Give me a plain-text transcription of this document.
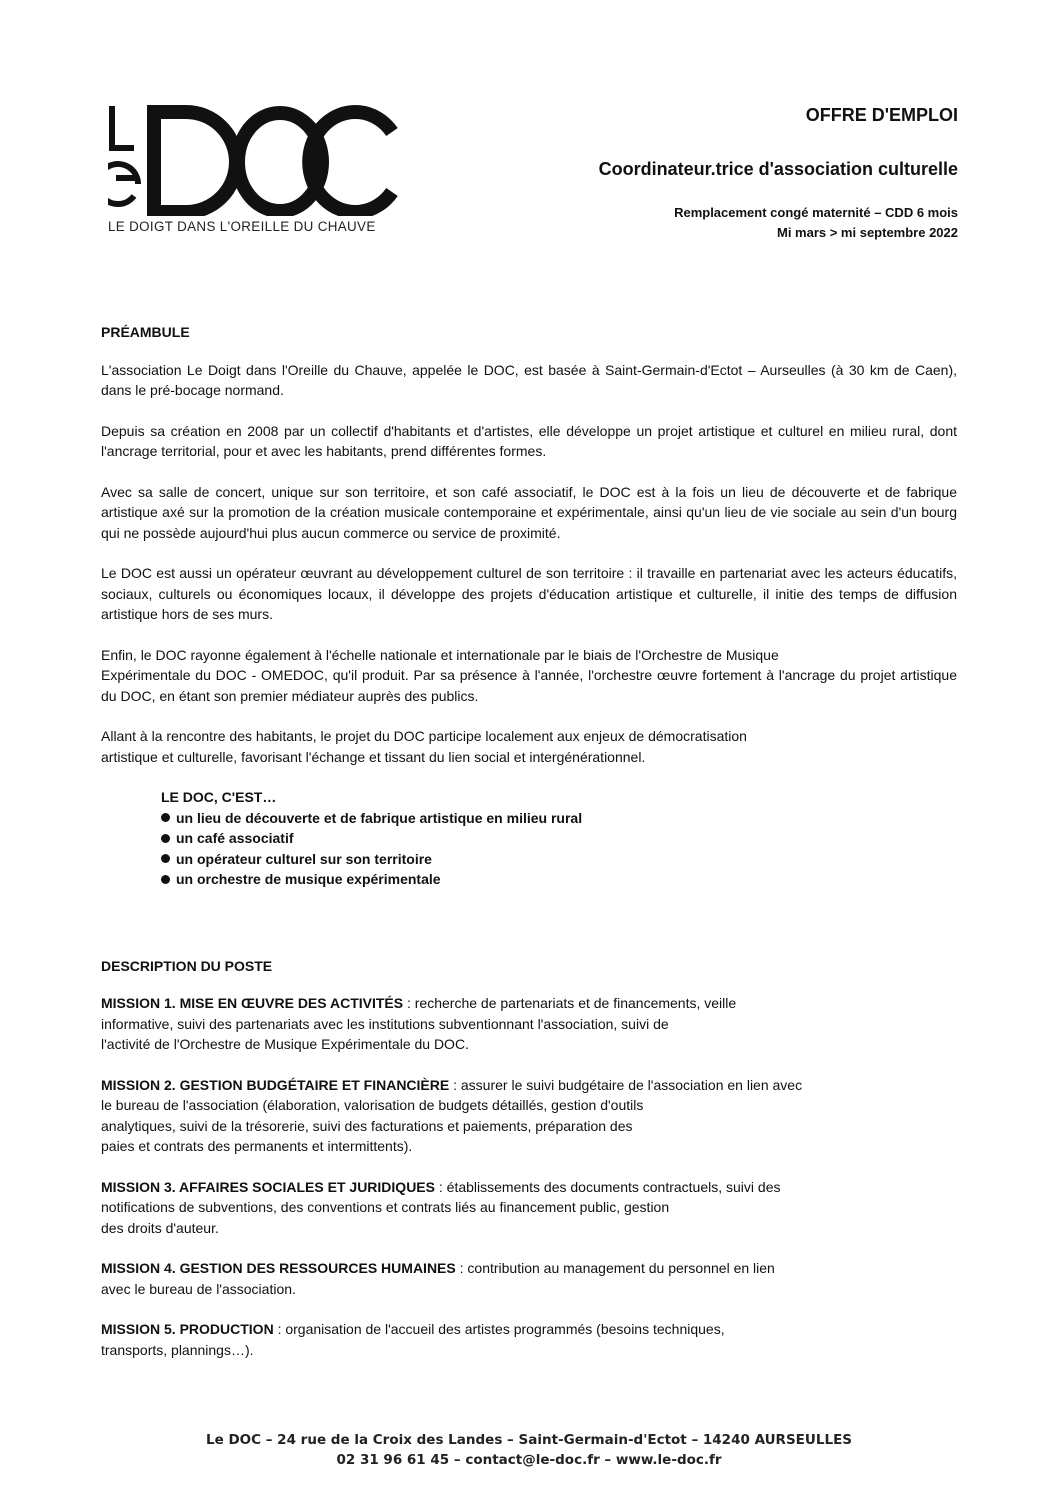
LE DOIGT DANS L'OREILLE DU CHAUVE
OFFRE D'EMPLOI
Coordinateur.trice d'association culturelle
Remplacement congé maternité – CDD 6 mois
Mi mars > mi septembre 2022

PRÉAMBULE

L'association Le Doigt dans l'Oreille du Chauve, appelée le DOC, est basée à Saint-Germain-d'Ectot – Aurseulles (à 30 km de Caen), dans le pré-bocage normand.

Depuis sa création en 2008 par un collectif d'habitants et d'artistes, elle développe un projet artistique et culturel en milieu rural, dont l'ancrage territorial, pour et avec les habitants, prend différentes formes.

Avec sa salle de concert, unique sur son territoire, et son café associatif, le DOC est à la fois un lieu de découverte et de fabrique artistique axé sur la promotion de la création musicale contemporaine et expérimentale, ainsi qu'un lieu de vie sociale au sein d'un bourg qui ne possède aujourd'hui plus aucun commerce ou service de proximité.

Le DOC est aussi un opérateur œuvrant au développement culturel de son territoire : il travaille en partenariat avec les acteurs éducatifs, sociaux, culturels ou économiques locaux, il développe des projets d'éducation artistique et culturelle, il initie des temps de diffusion artistique hors de ses murs.

Enfin, le DOC rayonne également à l'échelle nationale et internationale par le biais de l'Orchestre de Musique
Expérimentale du DOC - OMEDOC, qu'il produit. Par sa présence à l'année, l'orchestre œuvre fortement à l'ancrage du projet artistique du DOC, en étant son premier médiateur auprès des publics.
Allant à la rencontre des habitants, le projet du DOC participe localement aux enjeux de démocratisation
artistique et culturelle, favorisant l'échange et tissant du lien social et intergénérationnel.

LE DOC, C'EST…

un lieu de découverte et de fabrique artistique en milieu rural
un café associatif
un opérateur culturel sur son territoire
un orchestre de musique expérimentale

DESCRIPTION DU POSTE

MISSION 1. MISE EN ŒUVRE DES ACTIVITÉS : recherche de partenariats et de financements, veille
informative, suivi des partenariats avec les institutions subventionnant l'association, suivi de
l'activité de l'Orchestre de Musique Expérimentale du DOC.
MISSION 2. GESTION BUDGÉTAIRE ET FINANCIÈRE : assurer le suivi budgétaire de l'association en lien avec
le bureau de l'association (élaboration, valorisation de budgets détaillés, gestion d'outils
analytiques, suivi de la trésorerie, suivi des facturations et paiements, préparation des
paies et contrats des permanents et intermittents).
MISSION 3. AFFAIRES SOCIALES ET JURIDIQUES : établissements des documents contractuels, suivi des
notifications de subventions, des conventions et contrats liés au financement public, gestion
des droits d'auteur.
MISSION 4. GESTION DES RESSOURCES HUMAINES : contribution au management du personnel en lien
avec le bureau de l'association.
MISSION 5. PRODUCTION : organisation de l'accueil des artistes programmés (besoins techniques,
transports, plannings…).
Le DOC – 24 rue de la Croix des Landes – Saint-Germain-d'Ectot – 14240 AURSEULLES
02 31 96 61 45 – contact@le-doc.fr – www.le-doc.fr
